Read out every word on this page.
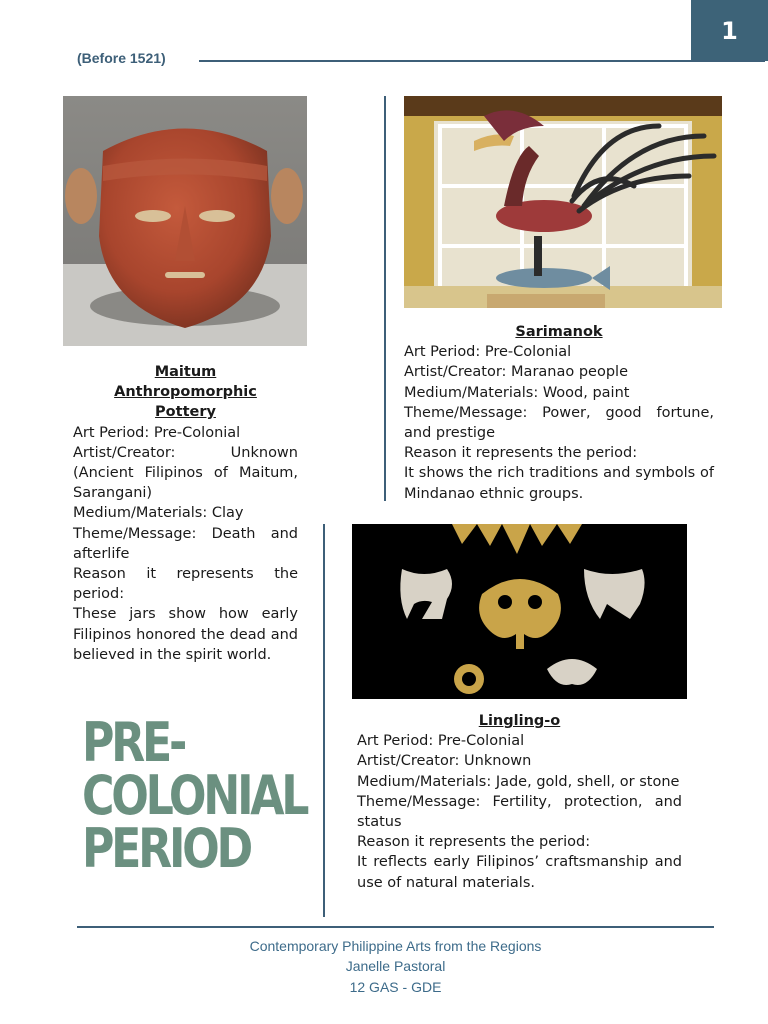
1
(Before 1521)

Maitum Anthropomorphic Pottery

Art Period: Pre-Colonial

Artist/Creator: Unknown (Ancient Filipinos of Maitum, Sarangani)

Medium/Materials: Clay

Theme/Message: Death and afterlife

Reason it represents the period:

These jars show how early Filipinos honored the dead and believed in the spirit world.

Sarimanok

Art Period: Pre-Colonial

Artist/Creator: Maranao people

Medium/Materials: Wood, paint

Theme/Message: Power, good fortune, and prestige

Reason it represents the period:

It shows the rich traditions and symbols of Mindanao ethnic groups.

Lingling-o

Art Period: Pre-Colonial

Artist/Creator: Unknown

Medium/Materials: Jade, gold, shell, or stone

Theme/Message: Fertility, protection, and status

Reason it represents the period:

It reflects early Filipinos’ craftsmanship and use of natural materials.

PRE-
COLONIAL
PERIOD
Contemporary Philippine Arts from the Regions
Janelle Pastoral
12 GAS - GDE
